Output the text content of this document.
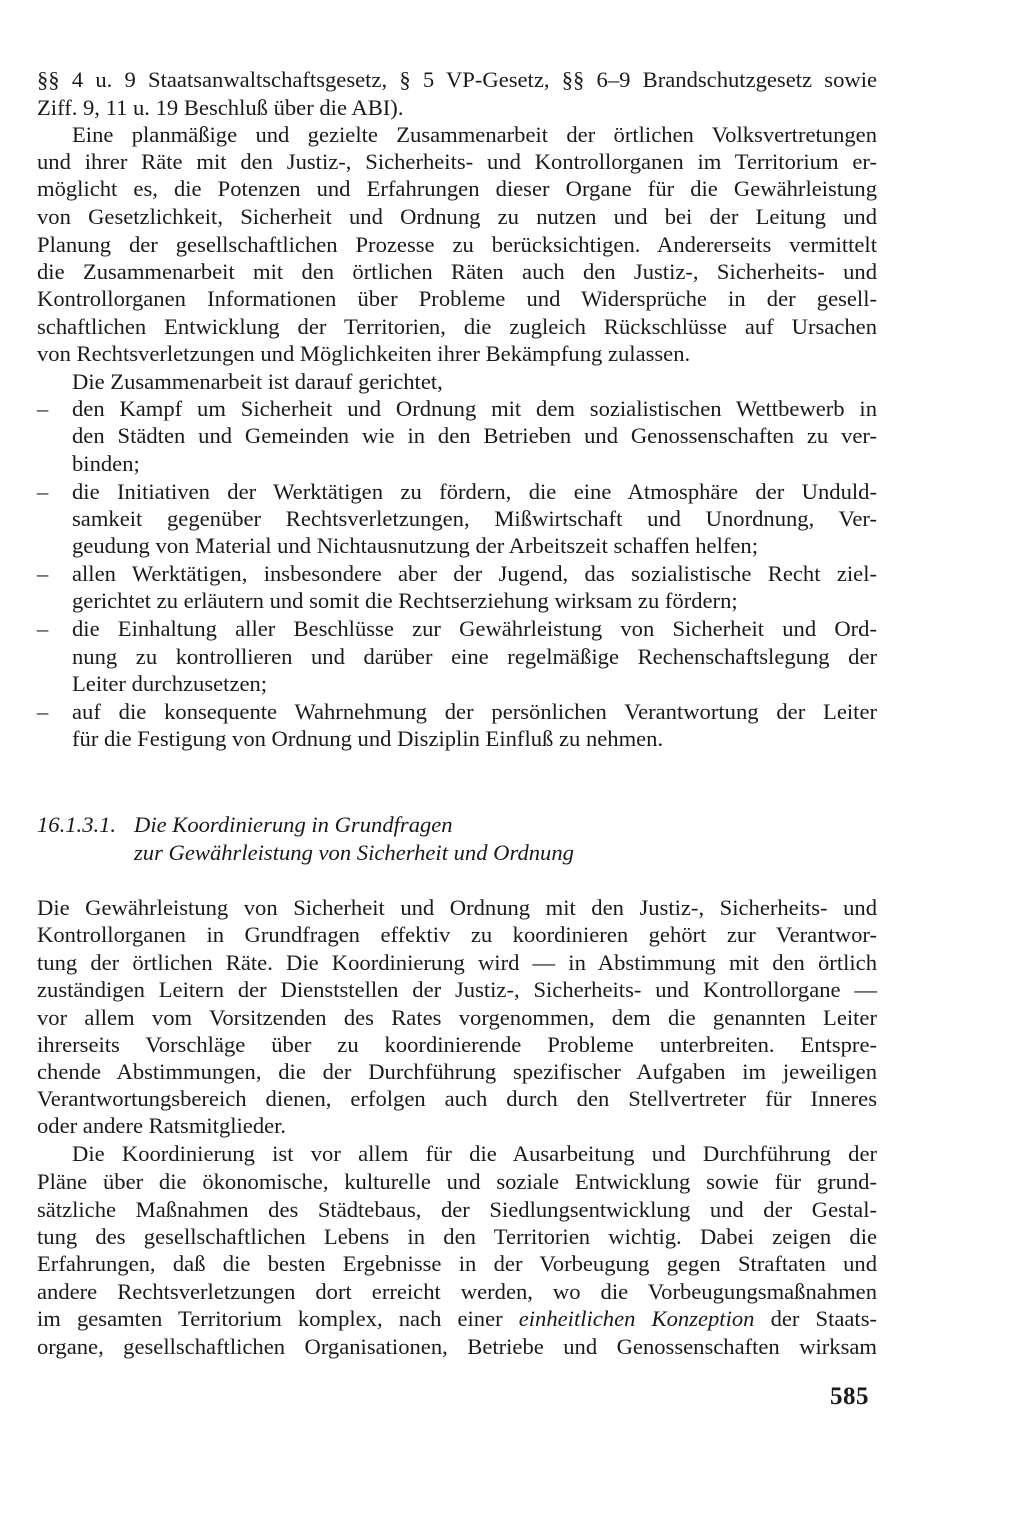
§§ 4 u. 9 Staatsanwaltschaftsgesetz, § 5 VP-Gesetz, §§ 6–9 Brandschutzgesetz sowie

Ziff. 9, 11 u. 19 Beschluß über die ABI).

Eine planmäßige und gezielte Zusammenarbeit der örtlichen Volksvertretungen

und ihrer Räte mit den Justiz-, Sicherheits- und Kontrollorganen im Territorium er-

möglicht es, die Potenzen und Erfahrungen dieser Organe für die Gewährleistung

von Gesetzlichkeit, Sicherheit und Ordnung zu nutzen und bei der Leitung und

Planung der gesellschaftlichen Prozesse zu berücksichtigen. Andererseits vermittelt

die Zusammenarbeit mit den örtlichen Räten auch den Justiz-, Sicherheits- und

Kontrollorganen Informationen über Probleme und Widersprüche in der gesell-

schaftlichen Entwicklung der Territorien, die zugleich Rückschlüsse auf Ursachen

von Rechtsverletzungen und Möglichkeiten ihrer Bekämpfung zulassen.

Die Zusammenarbeit ist darauf gerichtet,

– den Kampf um Sicherheit und Ordnung mit dem sozialistischen Wettbewerb in

den Städten und Gemeinden wie in den Betrieben und Genossenschaften zu ver-

binden;

– die Initiativen der Werktätigen zu fördern, die eine Atmosphäre der Unduld-

samkeit gegenüber Rechtsverletzungen, Mißwirtschaft und Unordnung, Ver-

geudung von Material und Nichtausnutzung der Arbeitszeit schaffen helfen;

– allen Werktätigen, insbesondere aber der Jugend, das sozialistische Recht ziel-

gerichtet zu erläutern und somit die Rechtserziehung wirksam zu fördern;

– die Einhaltung aller Beschlüsse zur Gewährleistung von Sicherheit und Ord-

nung zu kontrollieren und darüber eine regelmäßige Rechenschaftslegung der

Leiter durchzusetzen;

– auf die konsequente Wahrnehmung der persönlichen Verantwortung der Leiter

für die Festigung von Ordnung und Disziplin Einfluß zu nehmen.

16.1.3.1. Die Koordinierung in Grundfragen
zur Gewährleistung von Sicherheit und Ordnung

Die Gewährleistung von Sicherheit und Ordnung mit den Justiz-, Sicherheits- und

Kontrollorganen in Grundfragen effektiv zu koordinieren gehört zur Verantwor-

tung der örtlichen Räte. Die Koordinierung wird — in Abstimmung mit den örtlich

zuständigen Leitern der Dienststellen der Justiz-, Sicherheits- und Kontrollorgane —

vor allem vom Vorsitzenden des Rates vorgenommen, dem die genannten Leiter

ihrerseits Vorschläge über zu koordinierende Probleme unterbreiten. Entspre-

chende Abstimmungen, die der Durchführung spezifischer Aufgaben im jeweiligen

Verantwortungsbereich dienen, erfolgen auch durch den Stellvertreter für Inneres

oder andere Ratsmitglieder.

Die Koordinierung ist vor allem für die Ausarbeitung und Durchführung der

Pläne über die ökonomische, kulturelle und soziale Entwicklung sowie für grund-

sätzliche Maßnahmen des Städtebaus, der Siedlungsentwicklung und der Gestal-

tung des gesellschaftlichen Lebens in den Territorien wichtig. Dabei zeigen die

Erfahrungen, daß die besten Ergebnisse in der Vorbeugung gegen Straftaten und

andere Rechtsverletzungen dort erreicht werden, wo die Vorbeugungsmaßnahmen

im gesamten Territorium komplex, nach einer einheitlichen Konzeption der Staats-

organe, gesellschaftlichen Organisationen, Betriebe und Genossenschaften wirksam

585
